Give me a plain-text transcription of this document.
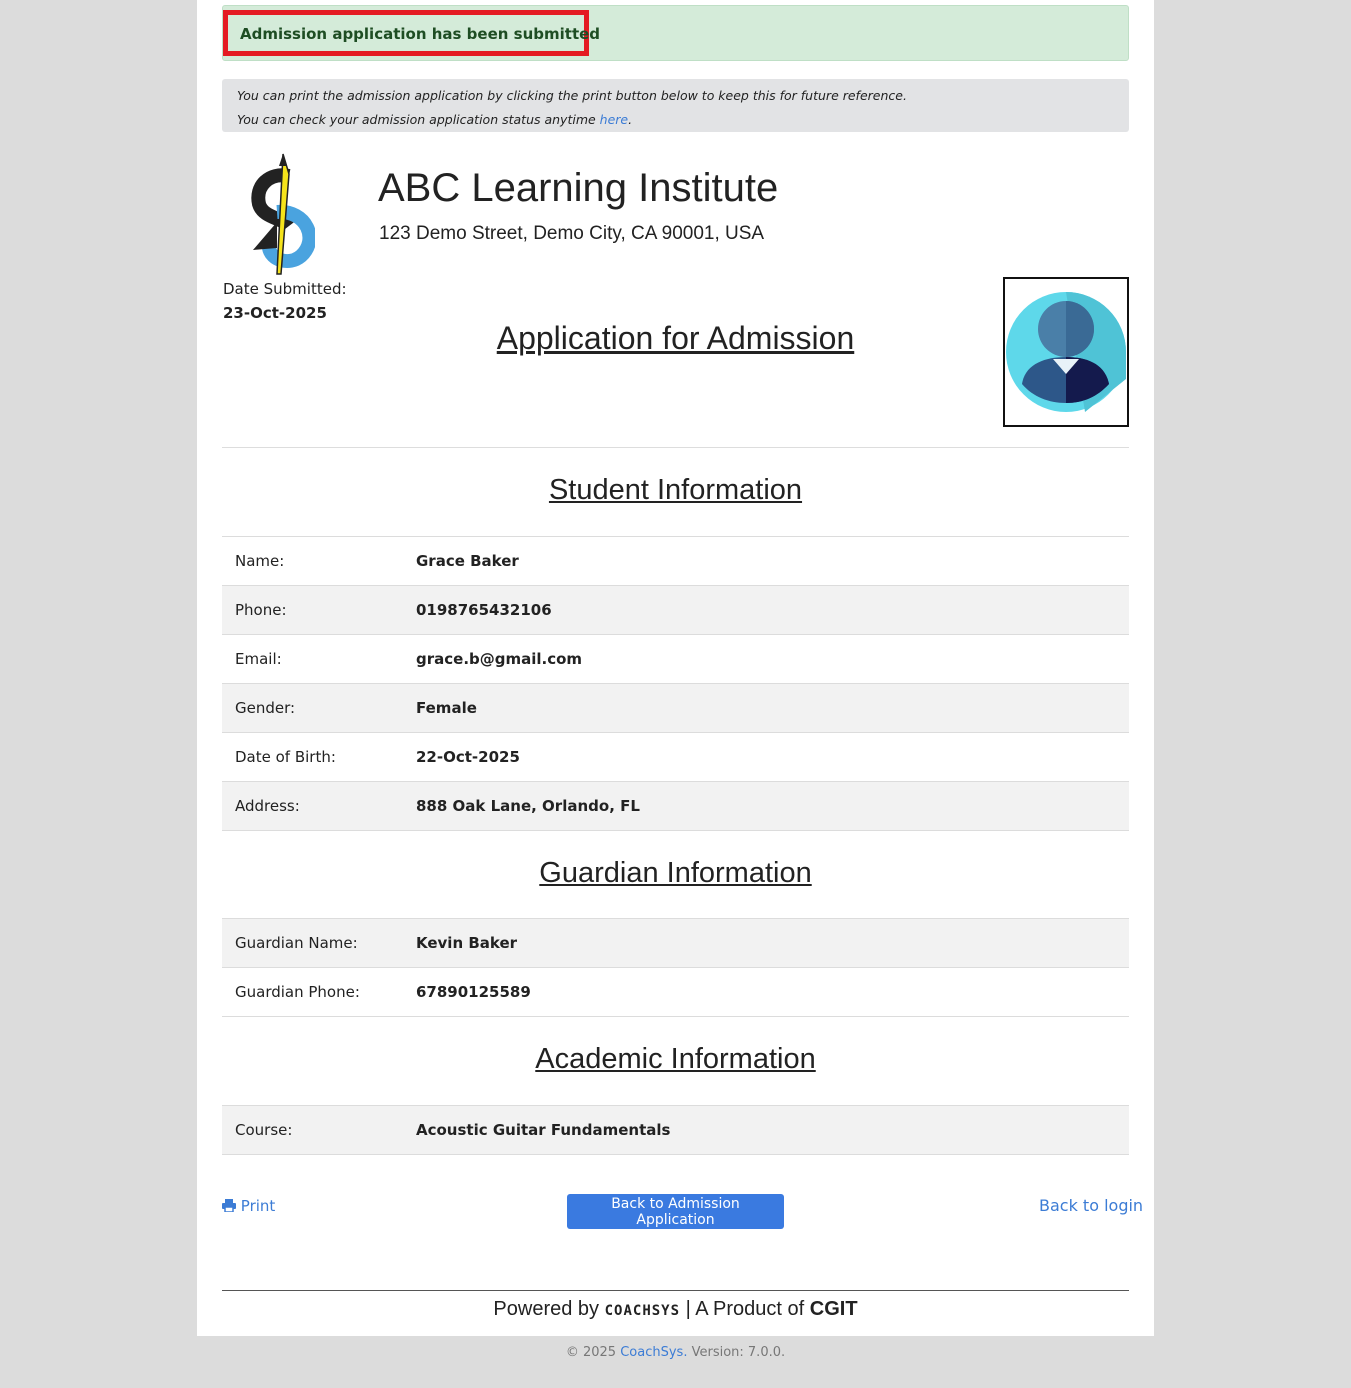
Admission application has been submitted

You can print the admission application by clicking the print button below to keep this for future reference.

You can check your admission application status anytime here.

ABC Learning Institute
123 Demo Street, Demo City, CA 90001, USA
Date Submitted:
23-Oct-2025
Application for Admission
Student Information
Name:	Grace Baker
Phone:	0198765432106
Email:	grace.b@gmail.com
Gender:	Female
Date of Birth:	22-Oct-2025
Address:	888 Oak Lane, Orlando, FL
Guardian Information
Guardian Name:	Kevin Baker
Guardian Phone:	67890125589
Academic Information
Course:	Acoustic Guitar Fundamentals
Print	Back to Admission Application
Back to login
Powered by COACHSYS | A Product of CGIT
© 2025 CoachSys. Version: 7.0.0.
